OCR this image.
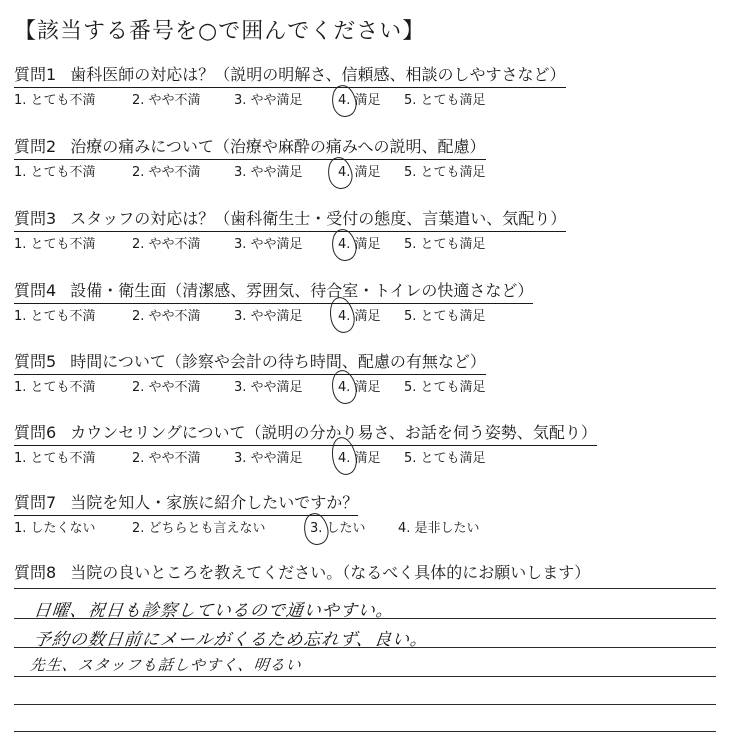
【該当する番号を○で囲んでください】
質問1 歯科医師の対応は？（説明の明解さ、信頼感、相談のしやすさなど）
1. とても不満	2. やや不満	3. やや満足	4. 満足 5. とても満足
質問2 治療の痛みについて（治療や麻酔の痛みへの説明、配慮）
1. とても不満	2. やや不満	3. やや満足	4. 満足 5. とても満足
質問3 スタッフの対応は？（歯科衛生士・受付の態度、言葉遣い、気配り）
1. とても不満	2. やや不満	3. やや満足	4. 満足 5. とても満足
質問4 設備・衛生面（清潔感、雰囲気、待合室・トイレの快適さなど）
1. とても不満	2. やや不満	3. やや満足	4. 満足 5. とても満足
質問5 時間について（診察や会計の待ち時間、配慮の有無など）
1. とても不満	2. やや不満	3. やや満足	4. 満足 5. とても満足
質問6 カウンセリングについて（説明の分かり易さ、お話を伺う姿勢、気配り）
1. とても不満	2. やや不満	3. やや満足	4. 満足 5. とても満足
質問7 当院を知人・家族に紹介したいですか？
1. したくない	2. どちらとも言えない	3. したい 4. 是非したい
質問8 当院の良いところを教えてください。（なるべく具体的にお願いします）
日曜、祝日も診察しているので通いやすい。
予約の数日前にメールがくるため忘れず、良い。
先生、スタッフも話しやすく、明るい
